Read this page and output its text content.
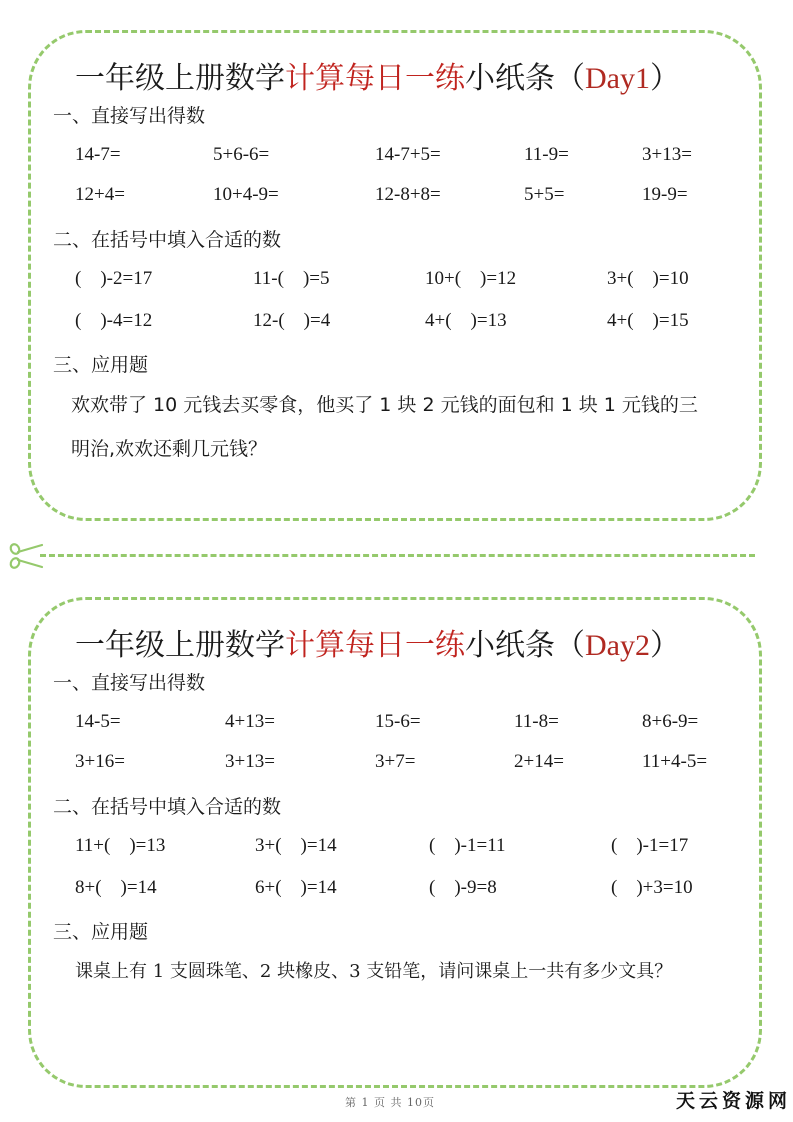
一年级上册数学计算每日一练小纸条（Day1）
一、直接写出得数
14-7=	5+6-6=	14-7+5=	11-9=	3+13=
12+4=	10+4-9=	12-8+8=	5+5=	19-9=
二、在括号中填入合适的数
(    )-2=17	11-(    )=5	10+(    )=12	3+(    )=10
(    )-4=12	12-(    )=4	4+(    )=13	4+(    )=15
三、应用题
欢欢带了 10 元钱去买零食，他买了 1 块 2 元钱的面包和 1 块 1 元钱的三
明治,欢欢还剩几元钱？
一年级上册数学计算每日一练小纸条（Day2）
一、直接写出得数
14-5=	4+13=	15-6=	11-8=	8+6-9=
3+16=	3+13=	3+7=	2+14=	11+4-5=
二、在括号中填入合适的数
11+(    )=13	3+(    )=14	(    )-1=11	(    )-1=17
8+(    )=14	6+(    )=14	(    )-9=8	(    )+3=10
三、应用题
课桌上有 1 支圆珠笔、2 块橡皮、3 支铅笔，请问课桌上一共有多少文具？
第 1 页 共 10页	天云资源网
